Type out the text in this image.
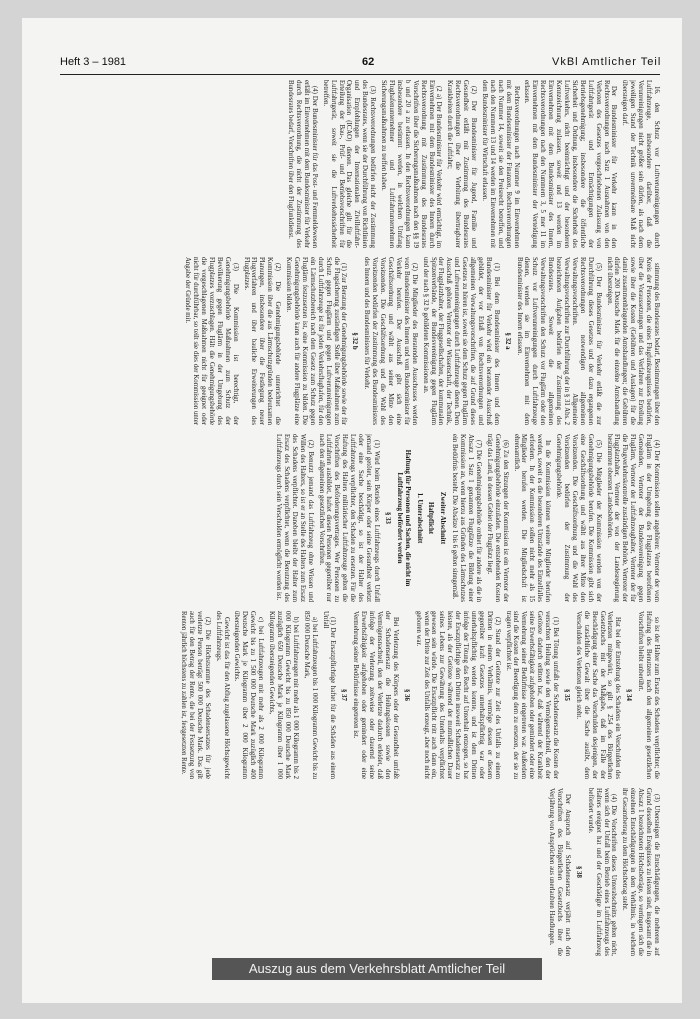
Heft 3 – 1981	62	VkBl Amtlicher Teil

16. den Schutz vor Luftverunreinigungen durch Luftfahrzeuge, insbesondere darüber, daß die Verunreinigungen nicht größer sein dürfen, als nach dem jeweiligen Stand der Technik unvermeidbare Maß nicht übersteigen darf.

Der Bundesminister für Verkehr kann in den Rechtsverordnungen nach Satz 1 Ausnahmen von den Verboten des Gesetzes vorgeschriebenen Zulassung von Luftfahrtgerät und Ermächtigungen der Betriebsgenehmigung; insbesondere die öffentliche Sicherheit und Ordnung, insbesondere die Sicherheit des Luftverkehrs, nicht beeinträchtigt und der besonderen Kennzeichnung zulassen, soweit und 13 werden im Einvernehmen mit dem Bundesminister des Innern, Rechtsverordnungen nach den Nummern 3, 5 mer 11 im Einvernehmen mit dem Bundesminister der Verteidigung erlassen.

Rechtsverordnungen nach Nummer 9 im Einvernehmen mit dem Bundesminister der Finanzen, Rechtsverordnungen nach Nummer 14, soweit sie den Preisrecht betreffen, und nach den Nummern 13 und 14 werden im Einvernehmen mit dem Bundesminister für Wirtschaft erlassen.

(2) Der Bundesminister für Jugend, Familie und Gesundheit erläßt mit Zustimmung des Bundesrates Rechtsverordnungen über die Verhütung übertragbarer Krankheiten durch die Luftfahrt;

(2 a) Der Bundesminister für Verkehr wird ermächtigt, im Einvernehmen mit dem Bundesminister des Innern durch Rechtsverordnung mit Zustimmung des Bundesrates Vorschriften über die Sicherungsmaßnahmen nach den §§ 19 b und 20 a zu erlassen. In den Rechtsverordnungen kann insbesondere bestimmt werden, in welchem Umfang Flughafenunternehmer und Luftfahrtunternehmen Sicherungsmaßnahmen zu treffen haben.

(3) Rechtsverordnungen bedürfen nicht der Zustimmung des Bundesrates, wenn sie der Durchführung von Richtlinien und Empfehlungen der Internationalen Zivilluftfahrt-Organisation (ICAO) dienen. Das gleiche gilt für die Erteilung der Bau-, Prüf- und Betriebsvorschriften für Luftfahrtgerät, soweit sie die Luftverkehrssicherheit betreffen.

(4) Der Bundesminister für das Post- und Fernmeldewesen erläßt im Einvernehmen mit dem Bundesminister für Verkehr durch Rechtsverordnung, die nicht der Zustimmung des Bundesrates bedarf, Vorschriften über den Flugfunkdienst.

stimmung des Bundesrates bedarf, Bestimmungen über den Kreis der Personen, die eines Flugfunkzeugnisses bedürfen, über die Voraussetzungen und das Verfahren zur Erteilung sowie über die Kosten (Gebühren und Auslagen) für die damit zusammenhängenden Amtshandlungen; die Gebühren dürfen 200 Deutsche Mark für die einzelne Amtshandlung nicht übersteigen.

(5) Der Bundesminister für Verkehr erläßt die zur Durchführung dieses Gesetzes und der dazu ergangenen Rechtsverordnungen notwendigen allgemeinen Verwaltungsvorschriften. Allgemeine Verwaltungsvorschriften zur Durchführung der in § 31 Abs. 2 bezeichneten Aufgaben bedürfen der Zustimmung des Bundesrates. Soweit die allgemeinen Verwaltungsvorschriften den Schutz vor Fluglärm oder den Schutz vor Luftverunreinigungen durch Luftfahrzeuge dienen, werden sie im Einvernehmen mit dem Bundesminister des Innern erlassen.

§ 32 a

(1) Bei dem Bundesminister des Innern und dem Bundesminister für Verkehr wird ein beratender Ausschuß gebildet, der vor Erlaß von Rechtsverordnungen und allgemeinen Verwaltungsvorschriften, die auf Grund dieses Gesetzes zu hören ist, soweit sie dem Schutz gegen Fluglärm und Luftverunreinigungen durch Luftfahrzeuge dienen. Dem Ausschuß gehören Vertreter der Wissenschaft, der Technik, der Flugplatzhalter, der Fluggesellschaften, der kommunalen Spitzenverbände, der Bundesvereinigung gegen Fluglärm und der nach § 32 b gebildeten Kommissionen an.

(2) Die Mitglieder des Beratenden Ausschusses werden vom Bundesminister des Innern und vom Bundesminister für Verkehr berufen. Der Ausschuß gibt sich eine Geschäftsordnung und wählt aus seiner Mitte den Vorsitzenden. Die Geschäftsordnung und die Wahl des Vorsitzenden bedürfen der Zustimmung des Bundesministers des Innern und des Bundesministers für Verkehr.

§ 32 b

(1) Zur Beratung der Genehmigungsbehörde sowie der für die Flugsicherung zuständigen Stelle über Maßnahmen zum Schutz gegen Fluglärm und gegen Luftverunreinigungen durch Luftfahrzeuge ist für jeden Verkehrsflughafen, für den ein Lärmschutzbereich nach dem Gesetz zum Schutz gegen Fluglärm festzusetzen ist, eine Kommission zu bilden. Die Genehmigungsbehörde kann auch für andere Flugplätze eine Kommission bilden.

(2) Die Genehmigungsbehörde unterrichtet die Kommission über die aus Lärmschutzgründen bedeutsamen Planungen, insbesondere über die Festlegung neuer Flugverfahren und über bauliche Erweiterungen des Flugplatzes.

(3) Die Kommission ist berechtigt, der Genehmigungsbehörde Maßnahmen zum Schutz der Bevölkerung gegen Fluglärm in der Umgebung des Flugplatzes vorzuschlagen. Hält die Genehmigungsbehörde die vorgeschlagenen Maßnahmen nicht für geeignet oder nicht für durchführbar, so teilt sie dies der Kommission unter Angabe der Gründe mit.

(4) Der Kommission sollen angehören: Vertreter der vom Fluglärm in der Umgebung des Flugplatzes betroffenen Gemeinden, Vertreter der Bundesvereinigung gegen Fluglärm, Vertreter der Luftfahrzeughalter, Vertreter der für die Flugverkehrskontrolle zuständigen Behörde, Vertreter der Flugplatzhalter, Vertreter der von der Landesregierung bestimmten obersten Landesbehörden.

(5) Die Mitglieder der Kommission werden von der Genehmigungsbehörde berufen. Die Kommission gibt sich eine Geschäftsordnung und wählt aus ihrer Mitte den Vorsitzenden. Die Geschäftsordnung und die Wahl des Vorsitzenden bedürfen der Zustimmung der Genehmigungsbehörde.

In die Kommission können weitere Mitglieder berufen werden, soweit es die besonderen Umstände des Einzelfalles erfordern. In der Kommission sollen nicht mehr als 15 Mitglieder berufen werden. Die Mitgliedschaft ist ehrenamtlich.

(6) Zu den Sitzungen der Kommission ist ein Vertreter der Genehmigungsbehörde einzuladen. Die entstehenden Kosten trägt das Land, in dessen Gebiet der Flugplatz liegt.

(7) Die Genehmigungsbehörde ordnet für andere als die in Absatz 1 Satz 1 genannten Flugplätze die Bildung einer Kommission an, wenn hierzu aus Gründen des Lärmschutzes ein Bedürfnis besteht. Die Absätze 1 bis 6 gelten sinngemäß.

Zweiter Abschnitt

Haftpflicht

1. Unterabschnitt

Haftung für Personen und Sachen, die nicht im Luftfahrzeug befördert werden

§ 33

(1) Wird beim Betrieb eines Luftfahrzeugs durch Unfall jemand getötet, sein Körper oder seine Gesundheit verletzt oder eine Sache beschädigt, so ist der Halter des Luftfahrzeugs verpflichtet, den Schaden zu ersetzen. Für die Haftung des Halters militärischer Luftfahrzeuge gelten die Vorschriften des Beförderungsvertrages. Wer Personen zu Luftfahrten ausbildet, haftet diesen Personen gegenüber nur nach den allgemeinen gesetzlichen Vorschriften.

(2) Benutzt jemand das Luftfahrzeug ohne Wissen und Willen des Halters, so ist er an Stelle des Halters zum Ersatz des Schadens verpflichtet. Daneben bleibt der Halter zum Ersatz des Schadens verpflichtet, wenn die Benutzung des Luftfahrzeugs durch sein Verschulden ermöglicht worden ist.

so ist der Halter zum Ersatz des Schadens verpflichtet; die Haftung des Benutzers nach den allgemeinen gesetzlichen Vorschriften bleibt unberührt.

§ 34

Hat bei der Entstehung des Schadens ein Verschulden des Verletzten mitgewirkt, so gilt § 254 des Bürgerlichen Gesetzbuchs mit der Maßgabe, daß im Falle der Beschädigung einer Sache das Verschulden desjenigen, der die tatsächliche Gewalt über die Sache ausübt, dem Verschulden des Verletzten gleich steht.

§ 35

(1) Bei Tötung umfaßt der Schadensersatz die Kosten der versuchten Heilung sowie den Vermögensnachteil, den der Getötete dadurch erlitten hat, daß während der Krankheit seine Erwerbsfähigkeit aufgehoben oder gemindert oder eine Vermehrung seiner Bedürfnisse eingetreten war. Außerdem sind die Kosten der Beerdigung dem zu ersetzen, der sie zu tragen verpflichtet ist.

(2) Stand der Getötete zur Zeit des Unfalls zu einem Dritten in einem Verhältnis, vermöge dessen er diesem gegenüber kraft Gesetzes unterhaltspflichtig war oder unterhaltspflichtig werden konnte, und ist dem Dritten infolge der Tötung das Recht auf Unterhalt entzogen, so hat der Ersatzpflichtige dem Dritten insoweit Schadensersatz zu leisten, als der Getötete während der mutmaßlichen Dauer seines Lebens zur Gewährung des Unterhalts verpflichtet gewesen sein würde. Die Ersatzpflicht tritt auch dann ein, wenn der Dritte zur Zeit des Unfalls erzeugt, aber noch nicht geboren war.

§ 36

Bei Verletzung des Körpers oder der Gesundheit umfaßt der Schadensersatz die Heilungskosten sowie den Vermögensnachteil, den der Verletzte dadurch erleidet, daß infolge der Verletzung zeitweise oder dauernd seine Erwerbsfähigkeit aufgehoben oder gemindert oder eine Vermehrung seiner Bedürfnisse eingetreten ist.

§ 37

(1) Der Ersatzpflichtige haftet für die Schäden aus einem Unfall

a) bei Luftfahrzeugen bis 1 000 Kilogramm Gewicht bis zu 850 000 Deutsche Mark,

b) bei Luftfahrzeugen mit mehr als 1 000 Kilogramm bis 2 000 Kilogramm Gewicht bis zu 850 000 Deutsche Mark zuzüglich 650 Deutsche Mark je Kilogramm über 1 000 Kilogramm übersteigenden Gewichts,

c) bei Luftfahrzeugen mit mehr als 2 000 Kilogramm Gewicht bis zu 1 500 000 Deutsche Mark zuzüglich 400 Deutsche Mark je Kilogramm über 2 000 Kilogramm übersteigenden Gewichts.

Gewicht ist das für den Abflug zugelassene Höchstgewicht des Luftfahrzeugs.

(2) Die Höchstsumme des Schadensersatzes für jede verletzte Person beträgt 500 000 Deutsche Mark. Das gilt auch für den Betrag der Rente, die bei der Festsetzung von Renten jährlich höchstens zu zahlen ist, festgesetzten Rente.

(3) Übersteigen die Entschädigungen, die mehreren auf Grund desselben Ereignisses zu leisten sind, insgesamt die in Absatz 1 bezeichneten Höchstbeträge, so verringern sich die einzelnen Entschädigungen in dem Verhältnis, in welchem ihr Gesamtbetrag zu dem Höchstbetrag steht.

(4) Die Vorschriften dieses Unterabschnitts gelten nicht, wenn sich der Unfall beim Betrieb eines Luftfahrzeugs des Halters ereignet hat und der Geschädigte im Luftfahrzeug befördert wurde.

§ 38

Der Anspruch auf Schadensersatz verjährt nach den Vorschriften des Bürgerlichen Gesetzbuchs über die Verjährung von Ansprüchen aus unerlaubten Handlungen.

Auszug aus dem Verkehrsblatt Amtlicher Teil
